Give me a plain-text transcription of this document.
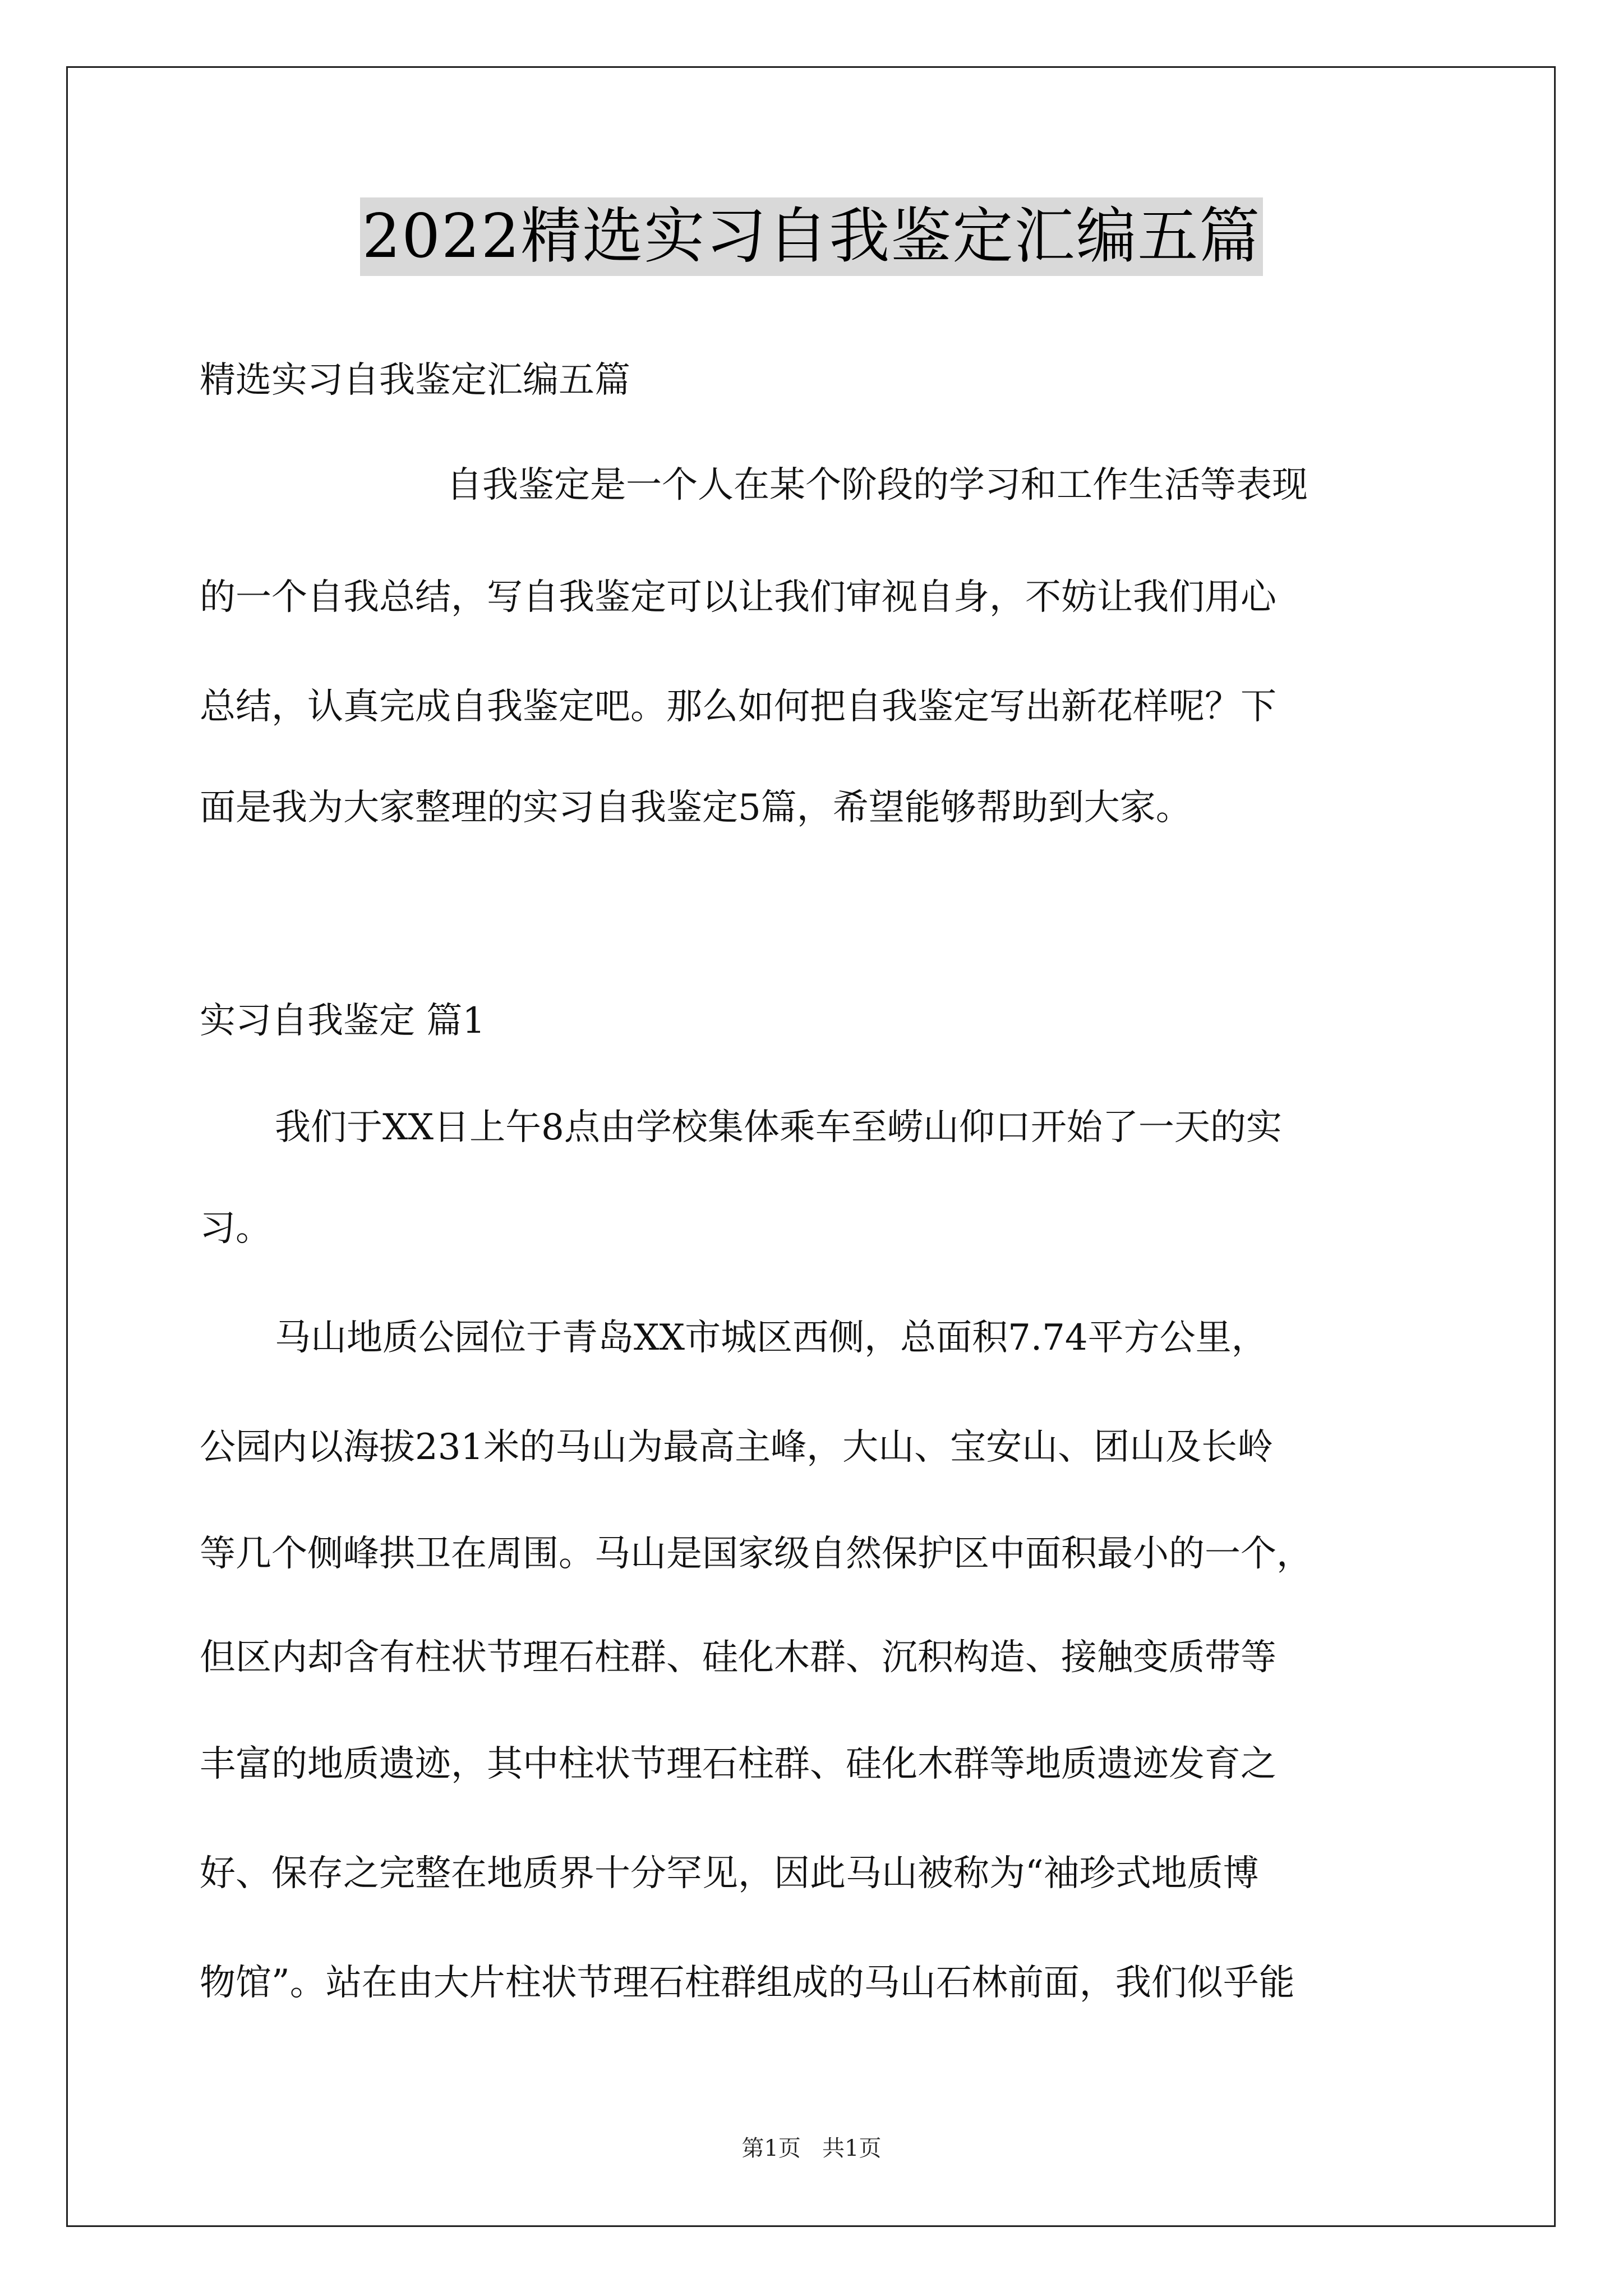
2022精选实习自我鉴定汇编五篇
精选实习自我鉴定汇编五篇
自我鉴定是一个人在某个阶段的学习和工作生活等表现
的一个自我总结，写自我鉴定可以让我们审视自身，不妨让我们用心
总结，认真完成自我鉴定吧。那么如何把自我鉴定写出新花样呢？下
面是我为大家整理的实习自我鉴定5篇，希望能够帮助到大家。
实习自我鉴定 篇1
我们于XX日上午8点由学校集体乘车至崂山仰口开始了一天的实
习。
马山地质公园位于青岛XX市城区西侧，总面积7.74平方公里，
公园内以海拔231米的马山为最高主峰，大山、宝安山、团山及长岭
等几个侧峰拱卫在周围。马山是国家级自然保护区中面积最小的一个，
但区内却含有柱状节理石柱群、硅化木群、沉积构造、接触变质带等
丰富的地质遗迹，其中柱状节理石柱群、硅化木群等地质遗迹发育之
好、保存之完整在地质界十分罕见，因此马山被称为“袖珍式地质博
物馆”。站在由大片柱状节理石柱群组成的马山石林前面，我们似乎能
第1页   共1页
